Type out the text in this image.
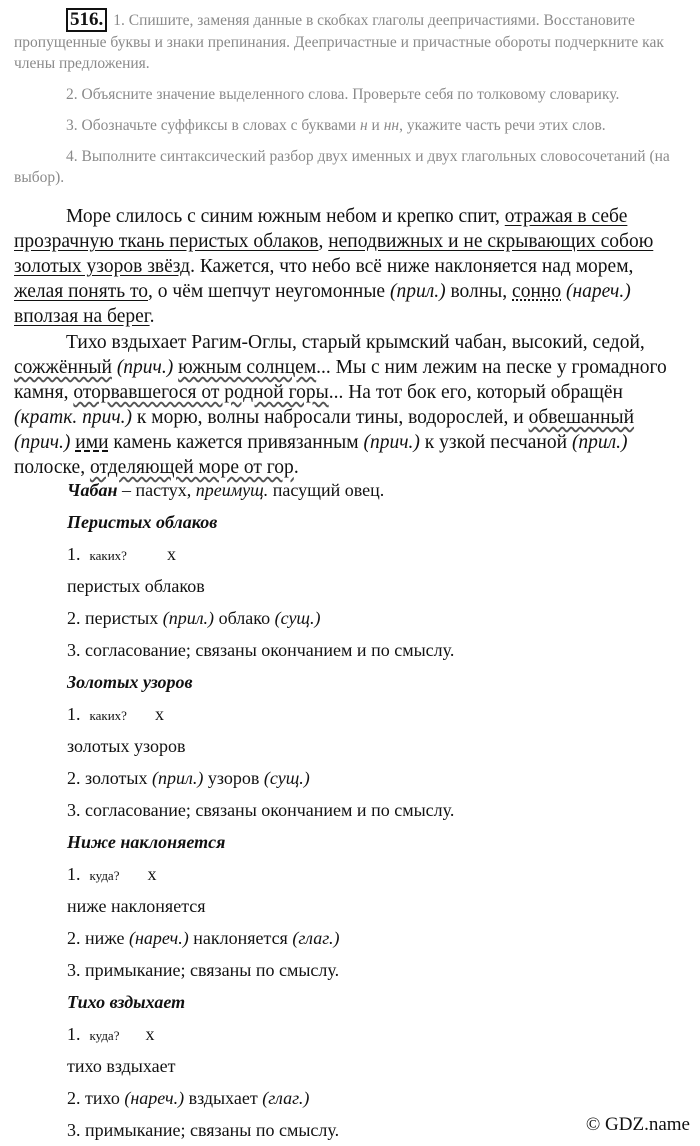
516. 1. Спишите, заменяя данные в скобках глаголы деепричастиями. Восстановите пропущенные буквы и знаки препинания. Деепричастные и причастные обороты подчеркните как члены предложения.

2. Объясните значение выделенного слова. Проверьте себя по толковому словарику.

3. Обозначьте суффиксы в словах с буквами н и нн, укажите часть речи этих слов.

4. Выполните синтаксический разбор двух именных и двух глагольных словосочетаний (на выбор).

Море слилось с синим южным небом и крепко спит, отражая в себе прозрачную ткань перистых облаков, неподвижных и не скрывающих собою золотых узоров звёзд. Кажется, что небо всё ниже наклоняется над морем, желая понять то, о чём шепчут неугомонные (прил.) волны, сонно (нареч.) вползая на берег.

Тихо вздыхает Рагим-Оглы, старый крымский чабан, высокий, седой, сожжённый (прич.) южным солнцем... Мы с ним лежим на песке у громадного камня, оторвавшегося от родной горы... На тот бок его, который обращён (кратк. прич.) к морю, волны набросали тины, водорослей, и обвешанный (прич.) ими камень кажется привязанным (прич.) к узкой песчаной (прил.) полоске, отделяющей море от гор.

Чабан – пастух, преимущ. пасущий овец.
Перистых облаков
1. каких? х
перистых облаков
2. перистых (прил.) облако (сущ.)
3. согласование; связаны окончанием и по смыслу.
Золотых узоров
1. каких? х
золотых узоров
2. золотых (прил.) узоров (сущ.)
3. согласование; связаны окончанием и по смыслу.
Ниже наклоняется
1. куда? х
ниже наклоняется
2. ниже (нареч.) наклоняется (глаг.)
3. примыкание; связаны по смыслу.
Тихо вздыхает
1. куда? х
тихо вздыхает
2. тихо (нареч.) вздыхает (глаг.)
3. примыкание; связаны по смыслу.	© GDZ.name
